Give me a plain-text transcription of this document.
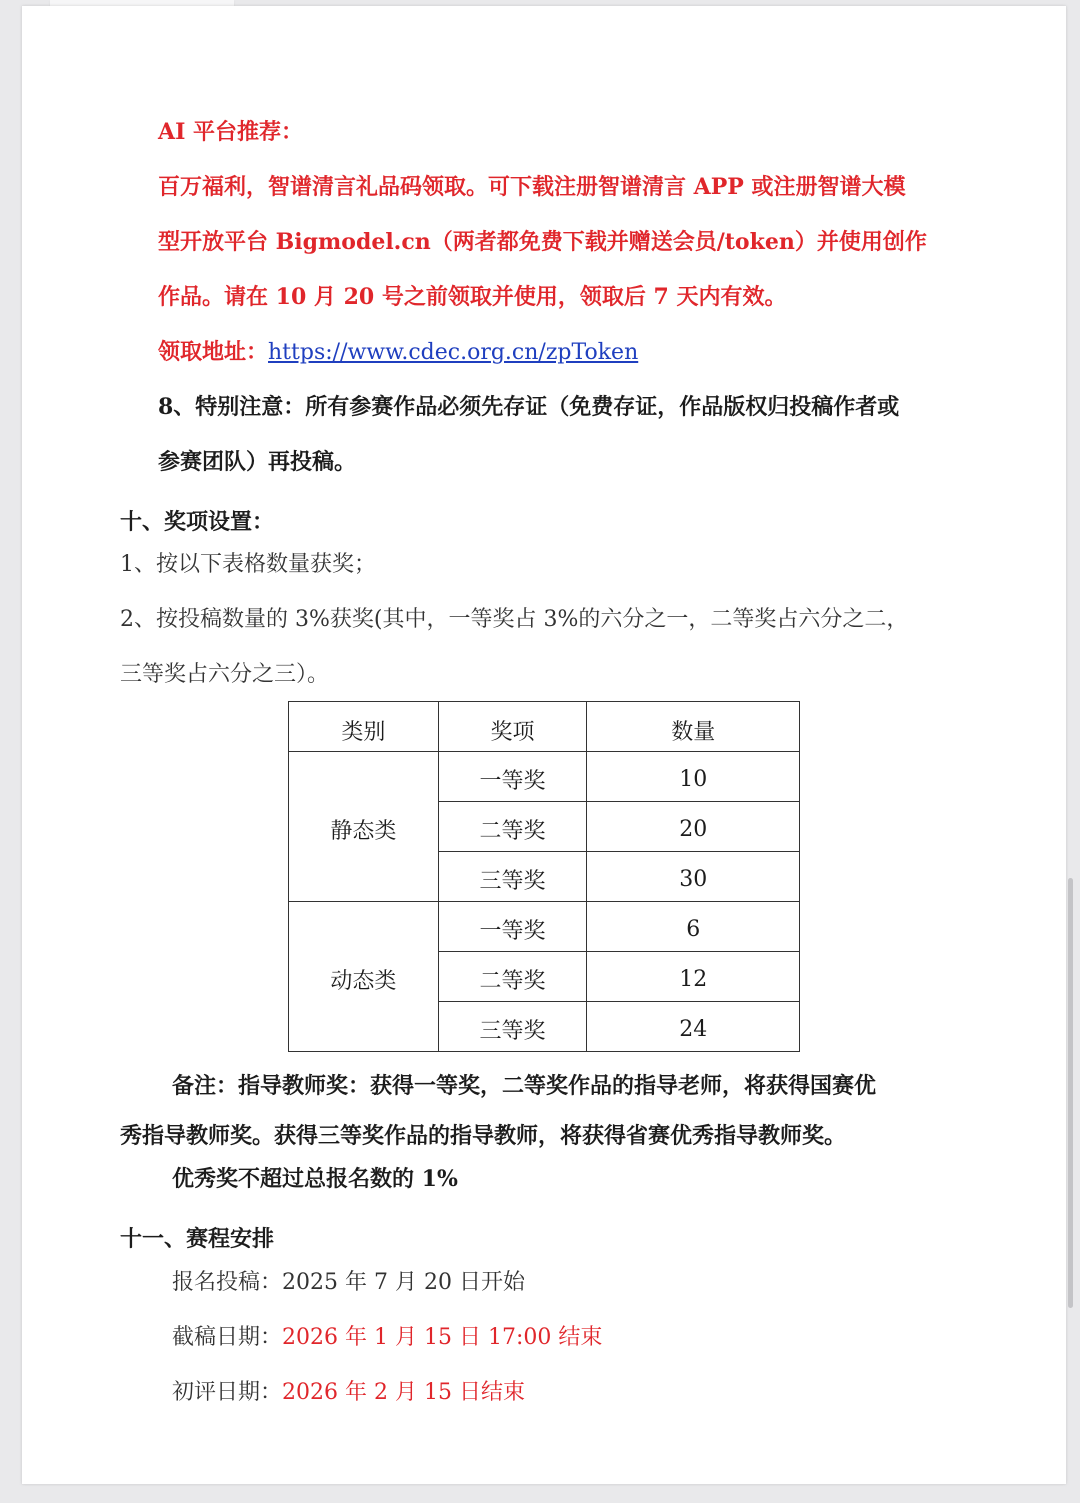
AI 平台推荐：
百万福利，智谱清言礼品码领取。可下载注册智谱清言 APP 或注册智谱大模
型开放平台 Bigmodel.cn（两者都免费下载并赠送会员/token）并使用创作
作品。请在 10 月 20 号之前领取并使用，领取后 7 天内有效。
领取地址：https://www.cdec.org.cn/zpToken
8、特别注意：所有参赛作品必须先存证（免费存证，作品版权归投稿作者或
参赛团队）再投稿。
十、奖项设置：
1、按以下表格数量获奖；
2、按投稿数量的 3%获奖(其中，一等奖占 3%的六分之一，二等奖占六分之二，
三等奖占六分之三）。
类别	奖项	数量
静态类	一等奖	10
	二等奖	20
	三等奖	30
动态类	一等奖	6
	二等奖	12
	三等奖	24
备注：指导教师奖：获得一等奖，二等奖作品的指导老师，将获得国赛优
秀指导教师奖。获得三等奖作品的指导教师，将获得省赛优秀指导教师奖。
优秀奖不超过总报名数的 1%
十一、赛程安排
报名投稿：2025 年 7 月 20 日开始
截稿日期：2026 年 1 月 15 日 17:00 结束
初评日期：2026 年 2 月 15 日结束
